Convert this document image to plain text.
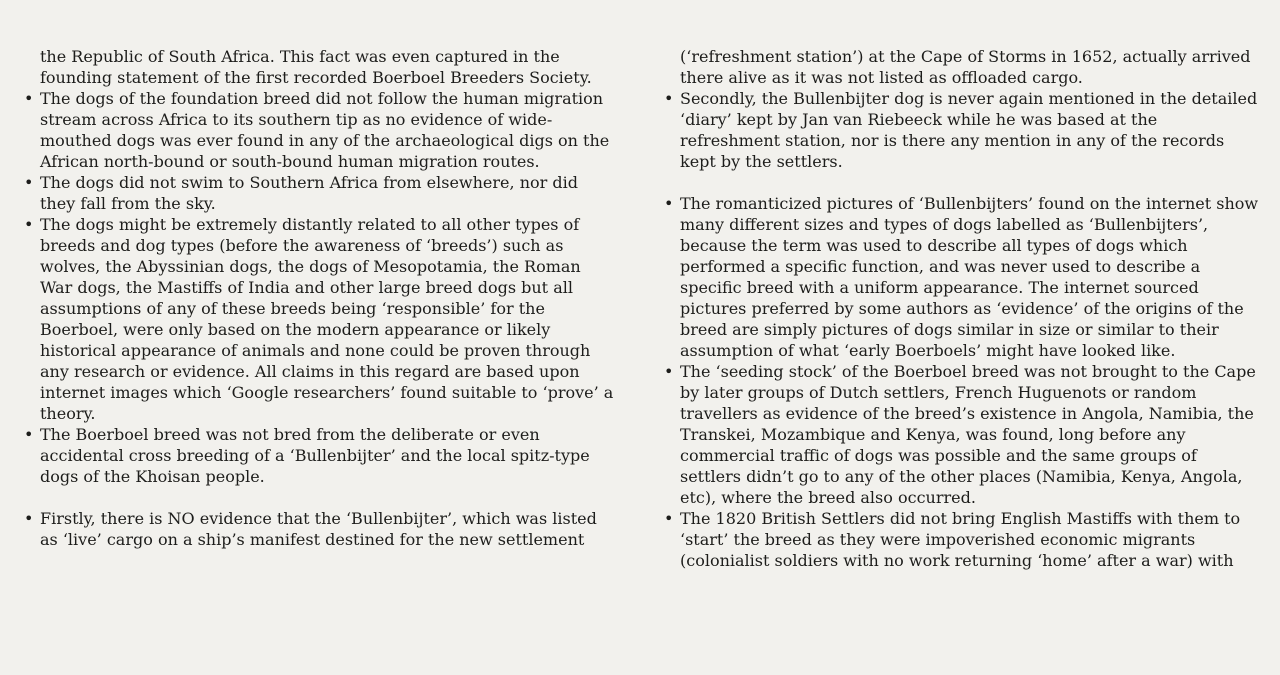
the Republic of South Africa. This fact was even captured in the founding statement of the first recorded Boerboel Breeders Society.
• The dogs of the foundation breed did not follow the human migration stream across Africa to its southern tip as no evidence of wide-mouthed dogs was ever found in any of the archaeological digs on the African north-bound or south-bound human migration routes.
• The dogs did not swim to Southern Africa from elsewhere, nor did they fall from the sky.
• The dogs might be extremely distantly related to all other types of breeds and dog types (before the awareness of ‘breeds’) such as wolves, the Abyssinian dogs, the dogs of Mesopotamia, the Roman War dogs, the Mastiffs of India and other large breed dogs but all assumptions of any of these breeds being ‘responsible’ for the Boerboel, were only based on the modern appearance or likely historical appearance of animals and none could be proven through any research or evidence. All claims in this regard are based upon internet images which ‘Google researchers’ found suitable to ‘prove’ a theory.
• The Boerboel breed was not bred from the deliberate or even accidental cross breeding of a ‘Bullenbijter’ and the local spitz-type dogs of the Khoisan people.
• Firstly, there is NO evidence that the ‘Bullenbijter’, which was listed as ‘live’ cargo on a ship’s manifest destined for the new settlement
(‘refreshment station’) at the Cape of Storms in 1652, actually arrived there alive as it was not listed as offloaded cargo.
• Secondly, the Bullenbijter dog is never again mentioned in the detailed ‘diary’ kept by Jan van Riebeeck while he was based at the refreshment station, nor is there any mention in any of the records kept by the settlers.
• The romanticized pictures of ‘Bullenbijters’ found on the internet show many different sizes and types of dogs labelled as ‘Bullenbijters’, because the term was used to describe all types of dogs which performed a specific function, and was never used to describe a specific breed with a uniform appearance. The internet sourced pictures preferred by some authors as ‘evidence’ of the origins of the breed are simply pictures of dogs similar in size or similar to their assumption of what ‘early Boerboels’ might have looked like.
• The ‘seeding stock’ of the Boerboel breed was not brought to the Cape by later groups of Dutch settlers, French Huguenots or random travellers as evidence of the breed’s existence in Angola, Namibia, the Transkei, Mozambique and Kenya, was found, long before any commercial traffic of dogs was possible and the same groups of settlers didn’t go to any of the other places (Namibia, Kenya, Angola, etc), where the breed also occurred.
• The 1820 British Settlers did not bring English Mastiffs with them to ‘start’ the breed as they were impoverished economic migrants (colonialist soldiers with no work returning ‘home’ after a war) with
